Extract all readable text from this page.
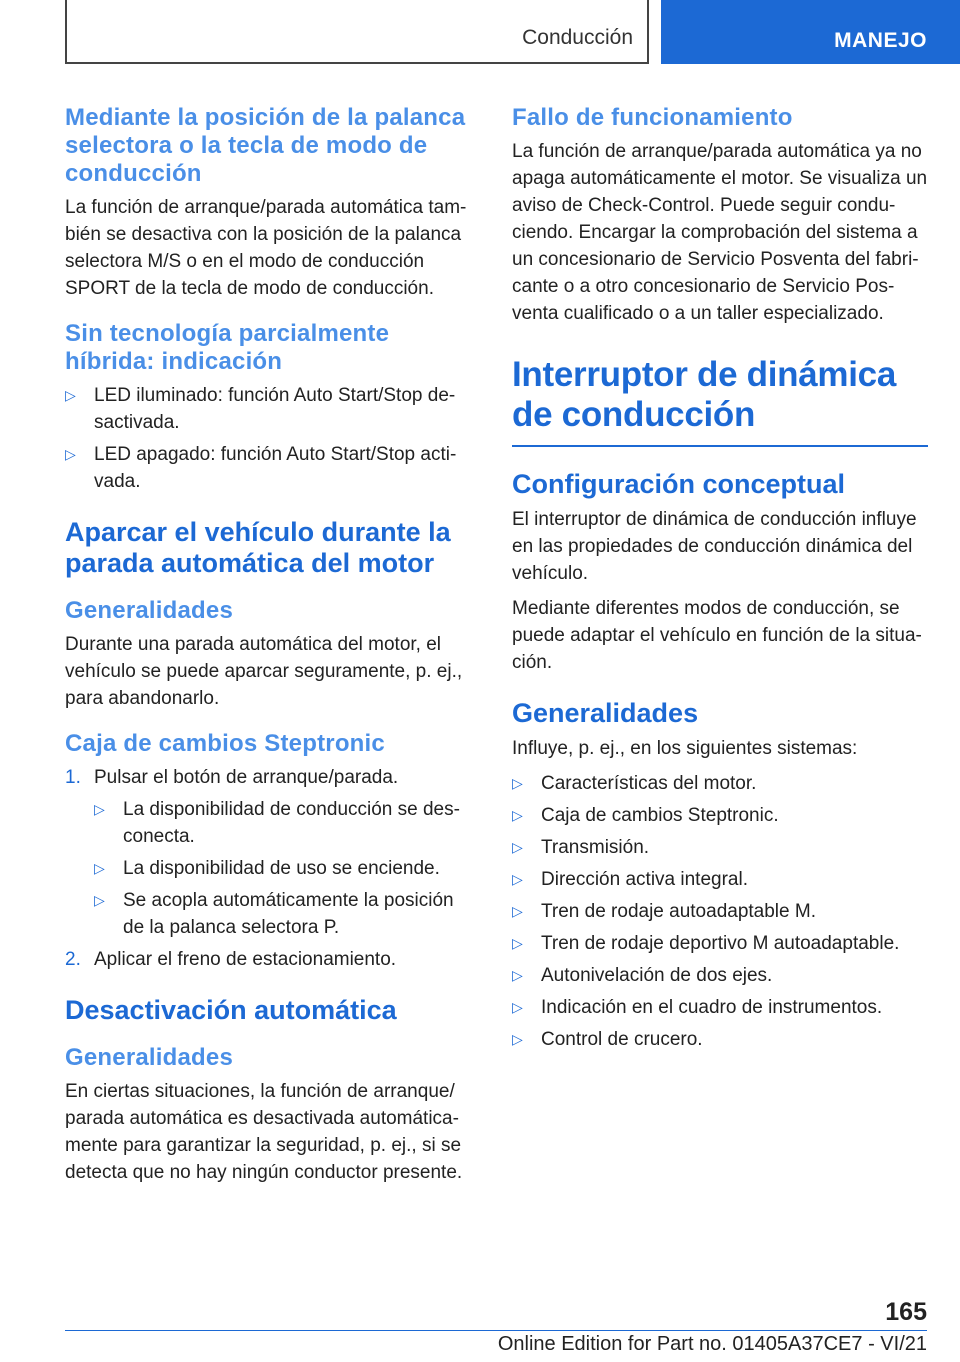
Conducción	MANEJO
Mediante la posición de la palanca selectora o la tecla de modo de conducción

La función de arranque/parada automática tam-bién se desactiva con la posición de la palanca selectora M/S o en el modo de conducción SPORT de la tecla de modo de conducción.

Sin tecnología parcialmente híbrida: indicación
▷ LED iluminado: función Auto Start/Stop de-sactivada.
▷ LED apagado: función Auto Start/Stop acti-vada.
Aparcar el vehículo durante la parada automática del motor
Generalidades

Durante una parada automática del motor, el vehículo se puede aparcar seguramente, p. ej., para abandonarlo.

Caja de cambios Steptronic
1. Pulsar el botón de arranque/parada.
▷ La disponibilidad de conducción se des-conecta.
▷ La disponibilidad de uso se enciende.
▷ Se acopla automáticamente la posición de la palanca selectora P.
2. Aplicar el freno de estacionamiento.
Desactivación automática
Generalidades

En ciertas situaciones, la función de arranque/ parada automática es desactivada automática-mente para garantizar la seguridad, p. ej., si se detecta que no hay ningún conductor presente.

Fallo de funcionamiento

La función de arranque/parada automática ya no apaga automáticamente el motor. Se visualiza un aviso de Check-Control. Puede seguir condu-ciendo. Encargar la comprobación del sistema a un concesionario de Servicio Posventa del fabri-cante o a otro concesionario de Servicio Pos-venta cualificado o a un taller especializado.

Interruptor de dinámica de conducción
Configuración conceptual

El interruptor de dinámica de conducción influye en las propiedades de conducción dinámica del vehículo.

Mediante diferentes modos de conducción, se puede adaptar el vehículo en función de la situa-ción.

Generalidades

Influye, p. ej., en los siguientes sistemas:

▷ Características del motor.
▷ Caja de cambios Steptronic.
▷ Transmisión.
▷ Dirección activa integral.
▷ Tren de rodaje autoadaptable M.
▷ Tren de rodaje deportivo M autoadaptable.
▷ Autonivelación de dos ejes.
▷ Indicación en el cuadro de instrumentos.
▷ Control de crucero.
165
Online Edition for Part no. 01405A37CE7 - VI/21
